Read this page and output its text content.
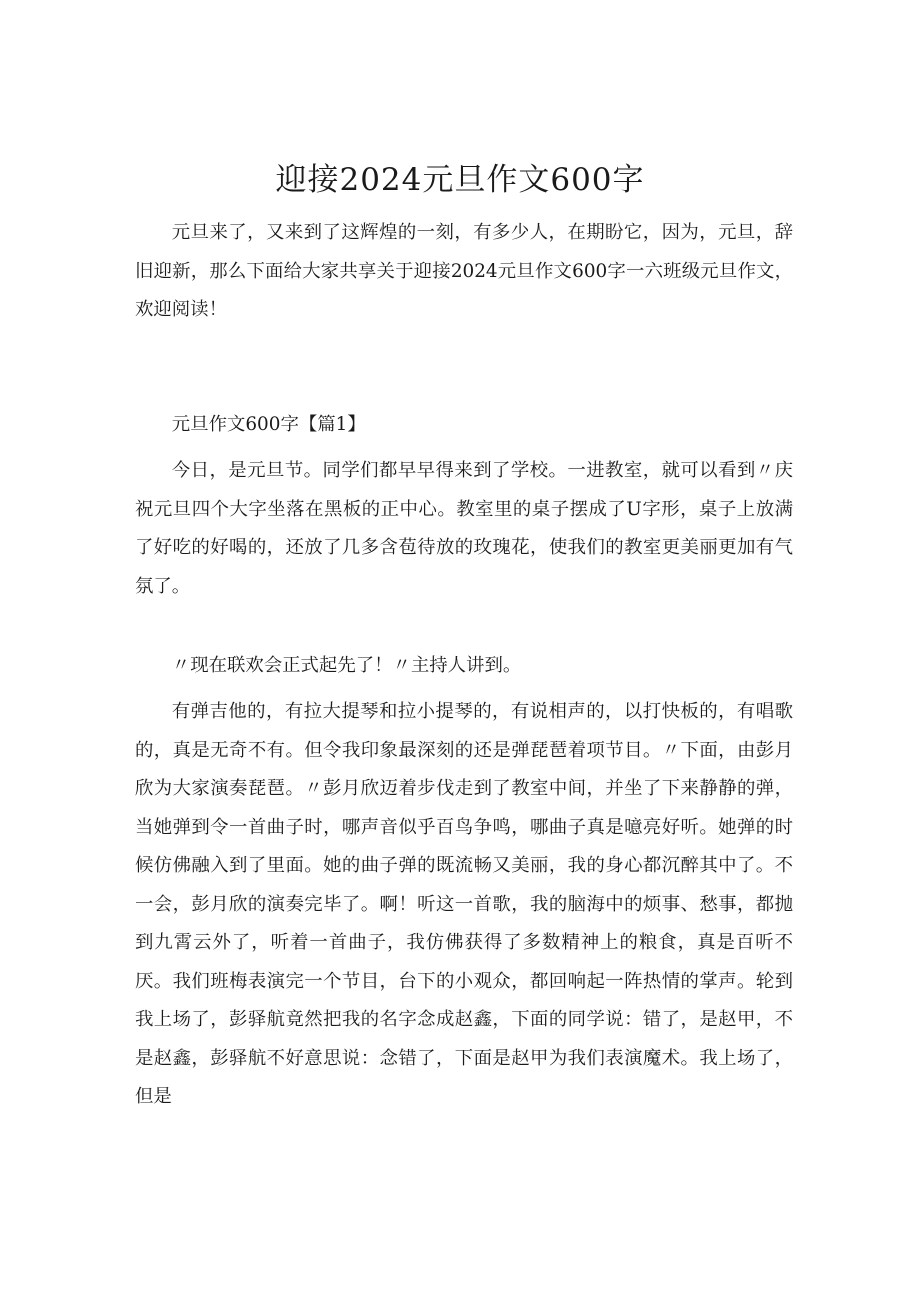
迎接2024元旦作文600字

元旦来了，又来到了这辉煌的一刻，有多少人，在期盼它，因为，元旦，辞旧迎新，那么下面给大家共享关于迎接2024元旦作文600字一六班级元旦作文，欢迎阅读！

元旦作文600字【篇1】

今日，是元旦节。同学们都早早得来到了学校。一进教室，就可以看到〃庆祝元旦四个大字坐落在黑板的正中心。教室里的桌子摆成了U字形，桌子上放满了好吃的好喝的，还放了几多含苞待放的玫瑰花，使我们的教室更美丽更加有气氛了。

〃现在联欢会正式起先了！〃主持人讲到。

有弹吉他的，有拉大提琴和拉小提琴的，有说相声的，以打快板的，有唱歌的，真是无奇不有。但令我印象最深刻的还是弹琵琶着项节目。〃下面，由彭月欣为大家演奏琵琶。〃彭月欣迈着步伐走到了教室中间，并坐了下来静静的弹，当她弹到令一首曲子时，哪声音似乎百鸟争鸣，哪曲子真是噫亮好听。她弹的时候仿佛融入到了里面。她的曲子弹的既流畅又美丽，我的身心都沉醉其中了。不一会，彭月欣的演奏完毕了。啊！听这一首歌，我的脑海中的烦事、愁事，都抛到九霄云外了，听着一首曲子，我仿佛获得了多数精神上的粮食，真是百听不厌。我们班梅表演完一个节目，台下的小观众，都回响起一阵热情的掌声。轮到我上场了，彭驿航竟然把我的名字念成赵鑫，下面的同学说：错了，是赵甲，不是赵鑫，彭驿航不好意思说：念错了，下面是赵甲为我们表演魔术。我上场了，但是
